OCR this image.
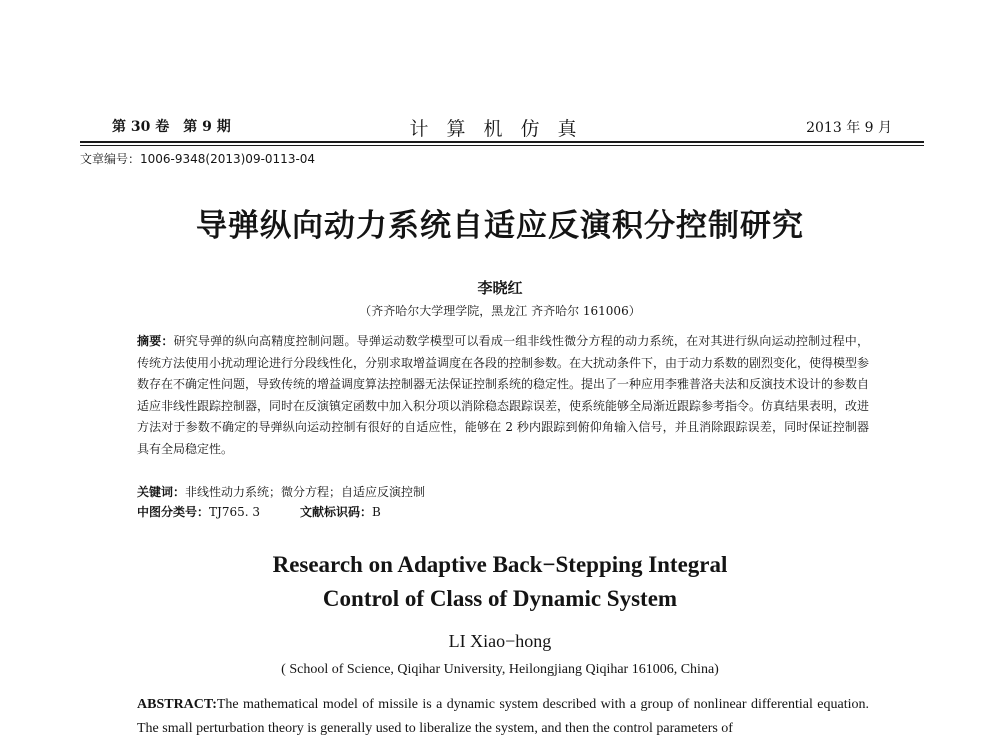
第 30 卷　第 9 期	计算机仿真	2013 年 9 月
文章编号：1006-9348(2013)09-0113-04
导弹纵向动力系统自适应反演积分控制研究
李晓红
（齐齐哈尔大学理学院，黑龙江 齐齐哈尔 161006）
摘要：研究导弹的纵向高精度控制问题。导弹运动数学模型可以看成一组非线性微分方程的动力系统，在对其进行纵向运动控制过程中，传统方法使用小扰动理论进行分段线性化，分别求取增益调度在各段的控制参数。在大扰动条件下，由于动力系数的剧烈变化，使得模型参数存在不确定性问题，导致传统的增益调度算法控制器无法保证控制系统的稳定性。提出了一种应用李雅普洛夫法和反演技术设计的参数自适应非线性跟踪控制器，同时在反演镇定函数中加入积分项以消除稳态跟踪误差，使系统能够全局渐近跟踪参考指令。仿真结果表明，改进方法对于参数不确定的导弹纵向运动控制有很好的自适应性，能够在 2 秒内跟踪到俯仰角输入信号，并且消除跟踪误差，同时保证控制器具有全局稳定性。
关键词：非线性动力系统；微分方程；自适应反演控制
中图分类号：TJ765. 3	文献标识码：B
Research on Adaptive Back−Stepping Integral
Control of Class of Dynamic System
LI Xiao−hong
( School of Science, Qiqihar University, Heilongjiang Qiqihar 161006, China)
ABSTRACT:The mathematical model of missile is a dynamic system described with a group of nonlinear differential equation. The small perturbation theory is generally used to liberalize the system, and then the control parameters of
